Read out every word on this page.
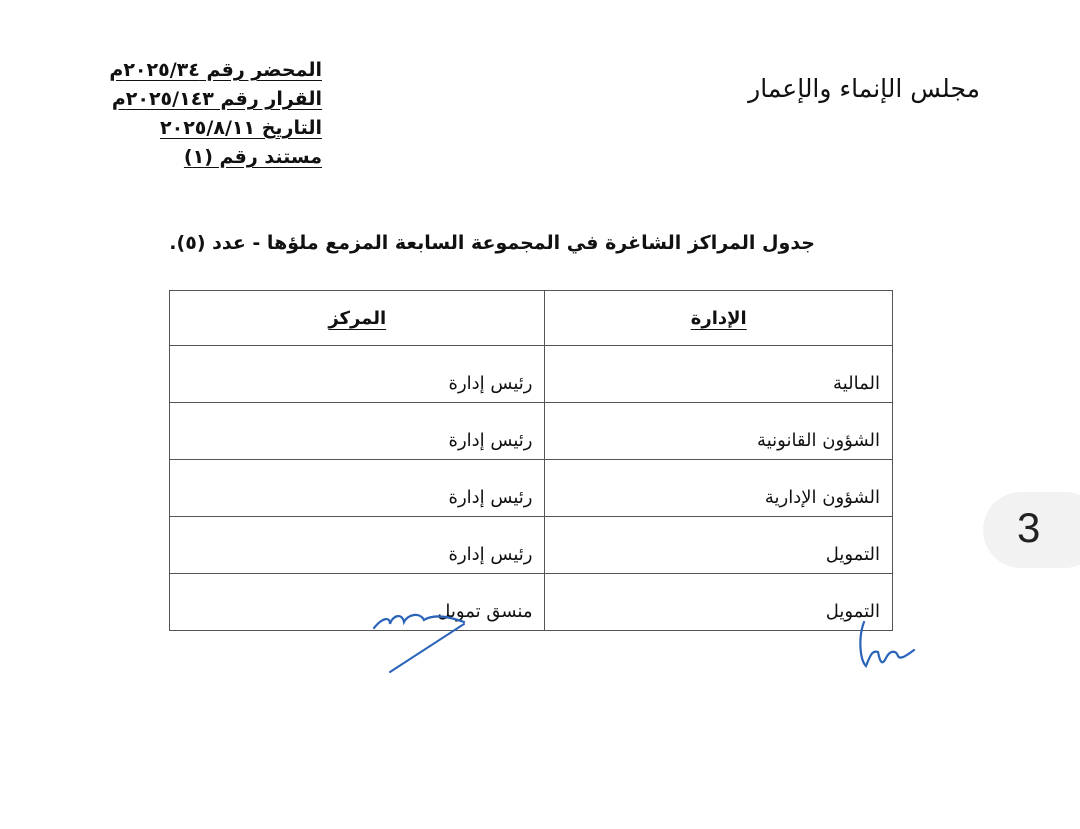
المحضر رقم ٢٠٢٥/٣٤م
القرار رقم ٢٠٢٥/١٤٣م
التاريخ ٢٠٢٥/٨/١١
مستند رقم (١)
مجلس الإنماء والإعمار
جدول المراكز الشاغرة في المجموعة السابعة المزمع ملؤها - عدد (٥).
الإدارة	المركز
المالية	رئيس إدارة
الشؤون القانونية	رئيس إدارة
الشؤون الإدارية	رئيس إدارة
التمويل	رئيس إدارة
التمويل	منسق تمويل
3
